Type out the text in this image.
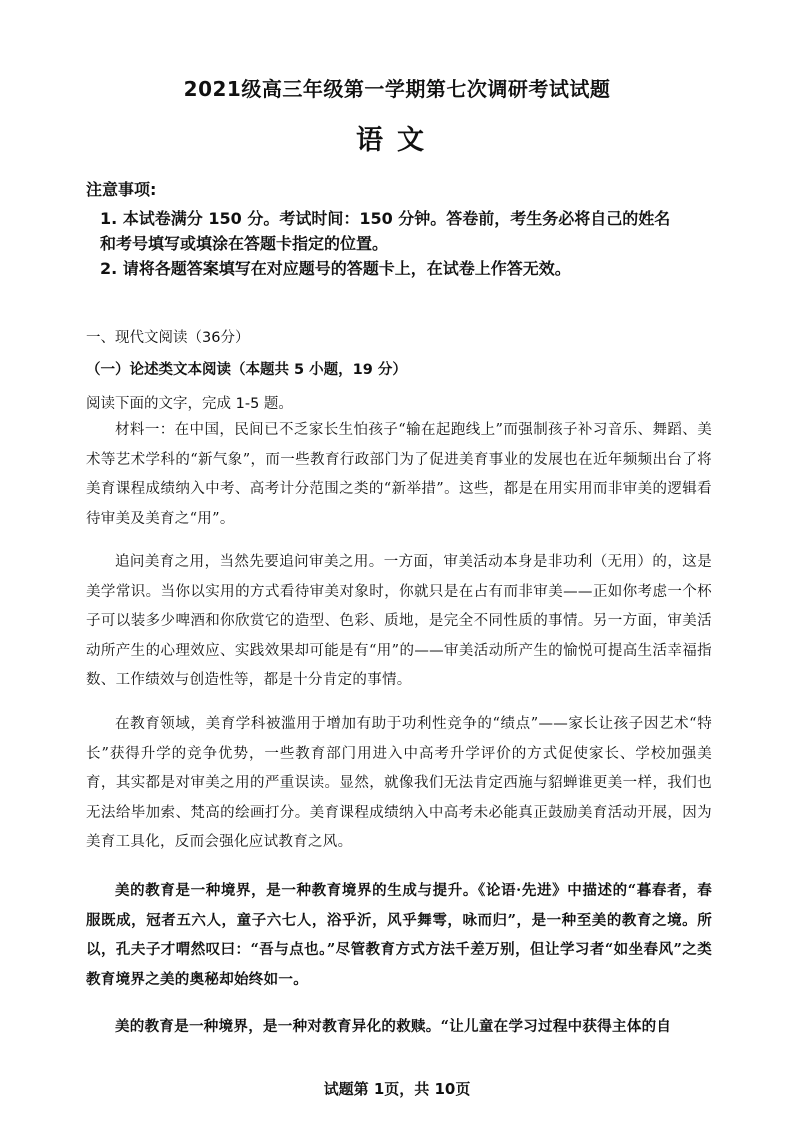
2021级高三年级第一学期第七次调研考试试题
语文
注意事项:
1. 本试卷满分 150 分。考试时间：150 分钟。答卷前，考生务必将自己的姓名
和考号填写或填涂在答题卡指定的位置。
2. 请将各题答案填写在对应题号的答题卡上，在试卷上作答无效。
一、现代文阅读（36分）
（一）论述类文本阅读（本题共 5 小题，19 分）
阅读下面的文字，完成 1-5 题。

材料一：在中国，民间已不乏家长生怕孩子“输在起跑线上”而强制孩子补习音乐、舞蹈、美术等艺术学科的“新气象”，而一些教育行政部门为了促进美育事业的发展也在近年频频出台了将美育课程成绩纳入中考、高考计分范围之类的“新举措”。这些，都是在用实用而非审美的逻辑看待审美及美育之“用”。

追问美育之用，当然先要追问审美之用。一方面，审美活动本身是非功利（无用）的，这是美学常识。当你以实用的方式看待审美对象时，你就只是在占有而非审美——正如你考虑一个杯子可以装多少啤酒和你欣赏它的造型、色彩、质地，是完全不同性质的事情。另一方面，审美活动所产生的心理效应、实践效果却可能是有“用”的——审美活动所产生的愉悦可提高生活幸福指数、工作绩效与创造性等，都是十分肯定的事情。

在教育领域，美育学科被滥用于增加有助于功利性竞争的“绩点”——家长让孩子因艺术“特长”获得升学的竞争优势，一些教育部门用进入中高考升学评价的方式促使家长、学校加强美育，其实都是对审美之用的严重误读。显然，就像我们无法肯定西施与貂蝉谁更美一样，我们也无法给毕加索、梵高的绘画打分。美育课程成绩纳入中高考未必能真正鼓励美育活动开展，因为美育工具化，反而会强化应试教育之风。

美的教育是一种境界，是一种教育境界的生成与提升。《论语·先进》中描述的“暮春者，春服既成，冠者五六人，童子六七人，浴乎沂，风乎舞雩，咏而归”，是一种至美的教育之境。所以，孔夫子才喟然叹曰：“吾与点也。”尽管教育方式方法千差万别，但让学习者“如坐春风”之类教育境界之美的奥秘却始终如一。

美的教育是一种境界，是一种对教育异化的救赎。“让儿童在学习过程中获得主体的自

试题第 1页，共 10页
